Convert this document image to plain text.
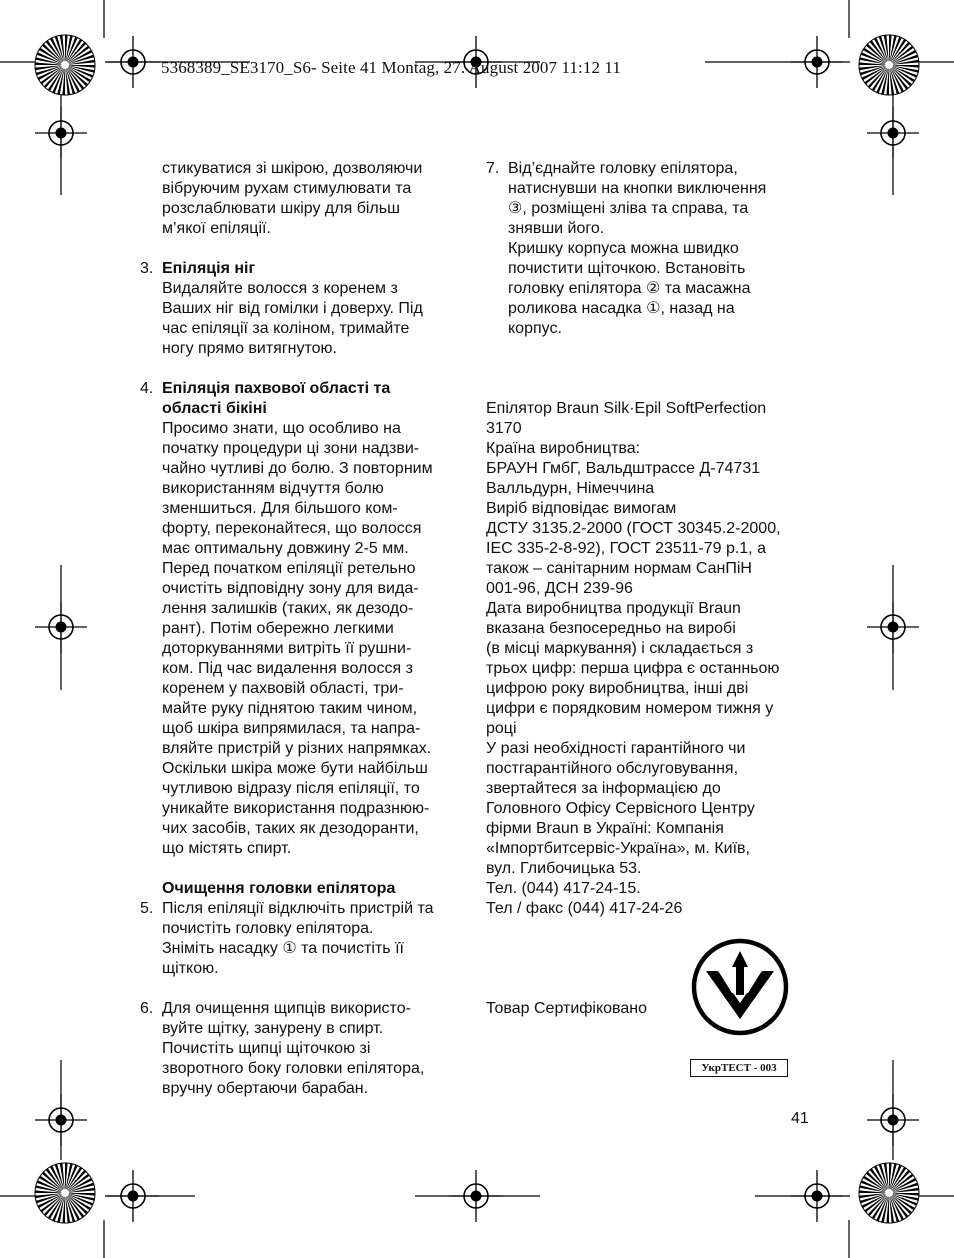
5368389_SE3170_S6- Seite 41 Montag, 27. August 2007 11:12 11
стикуватися зі шкірою, дозволяючи
вібруючим рухам стимулювати та
розслаблювати шкіру для більш
м’якої епіляції.
3. Епіляція ніг
Видаляйте волосся з коренем з
Ваших ніг від гомілки і доверху. Під
час епіляції за коліном, тримайте
ногу прямо витягнутою.
4. Епіляція пахвової області та
області бікіні
Просимо знати, що особливо на
початку процедури ці зони надзви-
чайно чутливі до болю. З повторним
використанням відчуття болю
зменшиться. Для більшого ком-
форту, переконайтеся, що волосся
має оптимальну довжину 2-5 мм.
Перед початком епіляції ретельно
очистіть відповідну зону для вида-
лення залишків (таких, як дезодо-
рант). Потім обережно легкими
доторкуваннями витріть її рушни-
ком. Під час видалення волосся з
коренем у пахвовій області, три-
майте руку піднятою таким чином,
щоб шкіра випрямилася, та напра-
вляйте пристрій у різних напрямках.
Оскільки шкіра може бути найбільш
чутливою відразу після епіляції, то
уникайте використання подразнюю-
чих засобів, таких як дезодоранти,
що містять спирт.
Очищення головки епілятора
5. Після епіляції відключіть пристрій та
почистіть головку епілятора.
Зніміть насадку ① та почистіть її
щіткою.
6. Для очищення щипців використо-
вуйте щітку, занурену в спирт.
Почистіть щипці щіточкою зі
зворотного боку головки епілятора,
вручну обертаючи барабан.
7. Від’єднайте головку епілятора,
натиснувши на кнопки виключення
③, розміщені зліва та справа, та
знявши його.
Кришку корпуса можна швидко
почистити щіточкою. Встановіть
головку епілятора ② та масажна
роликова насадка ①, назад на
корпус.
Епілятор Braun Silk·Epil SoftPerfection
3170
Країна виробництва:
БРАУН ГмбГ, Вальдштрассе Д-74731
Валльдурн, Німеччина
Виріб відповідає вимогам
ДСТУ 3135.2-2000 (ГОСТ 30345.2-2000,
IEC 335-2-8-92), ГОСТ 23511-79 р.1, а
також – санітарним нормам СанПіН
001-96, ДСН 239-96
Дата виробництва продукції Braun
вказана безпосередньо на виробі
(в місці маркування) і складається з
трьох цифр: перша цифра є останньою
цифрою року виробництва, інші дві
цифри є порядковим номером тижня у
році
У разі необхідності гарантійного чи
постгарантійного обслуговування,
звертайтеся за інформацією до
Головного Офісу Сервісного Центру
фірми Braun в Україні: Компанія
«Імпортбитсервіс-Україна», м. Київ,
вул. Глибочицька 53.
Тел. (044) 417-24-15.
Тел / факс (044) 417-24-26
Товар Сертифіковано
УкрТЕСТ - 003
41
